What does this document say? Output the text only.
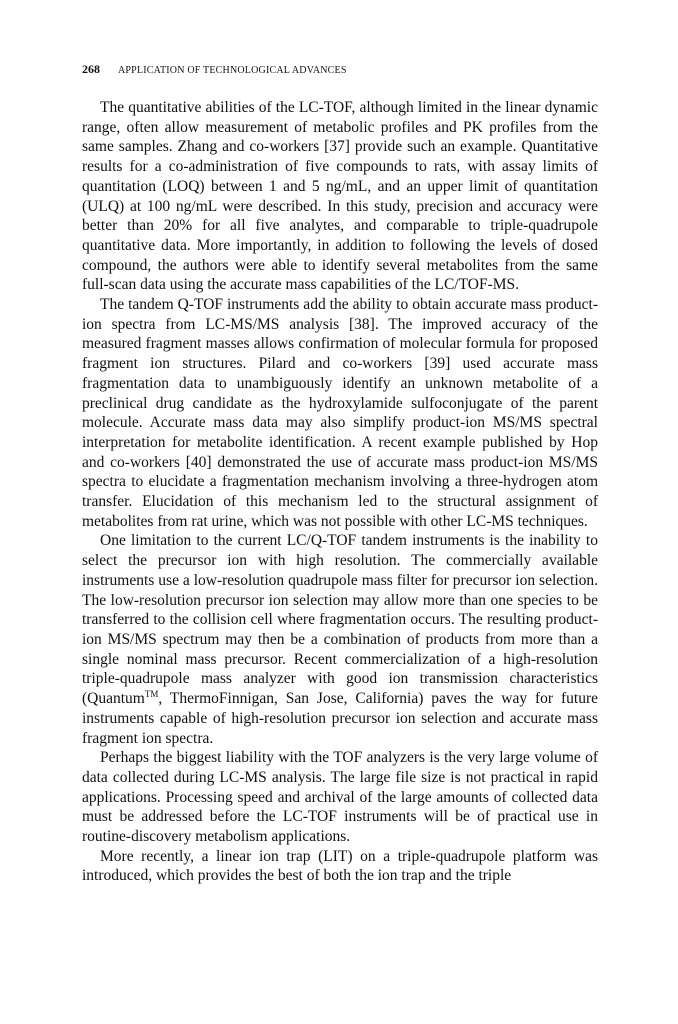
268 APPLICATION OF TECHNOLOGICAL ADVANCES

The quantitative abilities of the LC-TOF, although limited in the linear dynamic range, often allow measurement of metabolic profiles and PK profiles from the same samples. Zhang and co-workers [37] provide such an example. Quantitative results for a co-administration of five compounds to rats, with assay limits of quantitation (LOQ) between 1 and 5 ng/mL, and an upper limit of quantitation (ULQ) at 100 ng/mL were described. In this study, precision and accuracy were better than 20% for all five analytes, and comparable to triple-quadrupole quantitative data. More importantly, in addition to following the levels of dosed compound, the authors were able to identify several metabolites from the same full-scan data using the accurate mass capabilities of the LC/TOF-MS.

The tandem Q-TOF instruments add the ability to obtain accurate mass product-ion spectra from LC-MS/MS analysis [38]. The improved accuracy of the measured fragment masses allows confirmation of molecular formula for proposed fragment ion structures. Pilard and co-workers [39] used accurate mass fragmentation data to unambiguously identify an unknown metabolite of a preclinical drug candidate as the hydroxylamide sulfoconjugate of the parent molecule. Accurate mass data may also simplify product-ion MS/MS spectral interpretation for metabolite identification. A recent example published by Hop and co-workers [40] demonstrated the use of accurate mass product-ion MS/MS spectra to elucidate a fragmentation mechanism involving a three-hydrogen atom transfer. Elucidation of this mechanism led to the structural assignment of metabolites from rat urine, which was not possible with other LC-MS techniques.

One limitation to the current LC/Q-TOF tandem instruments is the inability to select the precursor ion with high resolution. The commercially available instruments use a low-resolution quadrupole mass filter for precursor ion selection. The low-resolution precursor ion selection may allow more than one species to be transferred to the collision cell where fragmentation occurs. The resulting product-ion MS/MS spectrum may then be a combination of products from more than a single nominal mass precursor. Recent commercialization of a high-resolution triple-quadrupole mass analyzer with good ion transmission characteristics (Quantum™, ThermoFinnigan, San Jose, California) paves the way for future instruments capable of high-resolution precursor ion selection and accurate mass fragment ion spectra.

Perhaps the biggest liability with the TOF analyzers is the very large volume of data collected during LC-MS analysis. The large file size is not practical in rapid applications. Processing speed and archival of the large amounts of collected data must be addressed before the LC-TOF instruments will be of practical use in routine-discovery metabolism applications.

More recently, a linear ion trap (LIT) on a triple-quadrupole platform was introduced, which provides the best of both the ion trap and the triple
